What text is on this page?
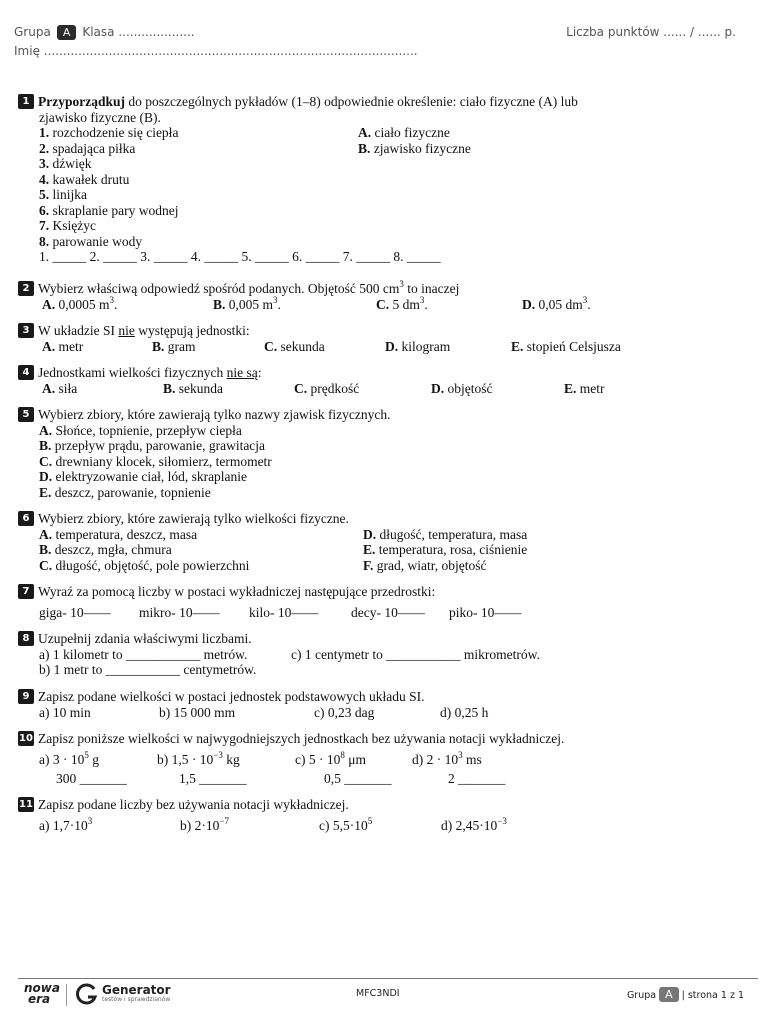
Grupa A Klasa ....................	Liczba punktów ...... / ...... p.
Imię ..................................................................................................
1 Przyporządkuj do poszczególnych pykładów (1–8) odpowiednie określenie: ciało fizyczne (A) lub
zjawisko fizyczne (B).
1. rozchodzenie się ciepła	A. ciało fizyczne
2. spadająca piłka	B. zjawisko fizyczne
3. dźwięk
4. kawałek drutu
5. linijka
6. skraplanie pary wodnej
7. Księżyc
8. parowanie wody
1. _____ 2. _____ 3. _____ 4. _____ 5. _____ 6. _____ 7. _____ 8. _____
2 Wybierz właściwą odpowiedź spośród podanych. Objętość 500 $cm^3$ to inaczej
A. 0,0005 $m^3$.	B. 0,005 $m^3$.	C. 5 $dm^3$.	D. 0,05 $dm^3$.
3 W układzie SI nie występują jednostki:
A. metr	B. gram	C. sekunda	D. kilogram	E. stopień Celsjusza
4 Jednostkami wielkości fizycznych nie są:
A. siła	B. sekunda	C. prędkość	D. objętość	E. metr
5 Wybierz zbiory, które zawierają tylko nazwy zjawisk fizycznych.
A. Słońce, topnienie, przepływ ciepła
B. przepływ prądu, parowanie, grawitacja
C. drewniany klocek, siłomierz, termometr
D. elektryzowanie ciał, lód, skraplanie
E. deszcz, parowanie, topnienie
6 Wybierz zbiory, które zawierają tylko wielkości fizyczne.
A. temperatura, deszcz, masa	D. długość, temperatura, masa
B. deszcz, mgła, chmura	E. temperatura, rosa, ciśnienie
C. długość, objętość, pole powierzchni	F. grad, wiatr, objętość
7 Wyraź za pomocą liczby w postaci wykładniczej następujące przedrostki:
giga- 10—— mikro- 10—— kilo- 10—— decy- 10—— piko- 10——
8 Uzupełnij zdania właściwymi liczbami.
a) 1 kilometr to ___________ metrów.	c) 1 centymetr to ___________ mikrometrów.
b) 1 metr to ___________ centymetrów.
9 Zapisz podane wielkości w postaci jednostek podstawowych układu SI.
a) 10 min	b) 15 000 mm	c) 0,23 dag	d) 0,25 h
10 Zapisz poniższe wielkości w najwygodniejszych jednostkach bez używania notacji wykładniczej.
a) $3 \cdot 10^5$ g	b) $1,5 \cdot 10^{-3}$ kg	c) $5 \cdot 10^8$ μm	d) $2 \cdot 10^3$ ms
300 _______	1,5 _______	0,5 _______	2 _______
11 Zapisz podane liczby bez używania notacji wykładniczej.
a) $1,7\cdot 10^3$	b) $2\cdot 10^{-7}$	c) $5,5\cdot 10^5$	d) $2,45\cdot 10^{-3}$
nowa
era
Generator
testów i sprawdzianów
MFC3NDI	Grupa A | strona 1 z 1
